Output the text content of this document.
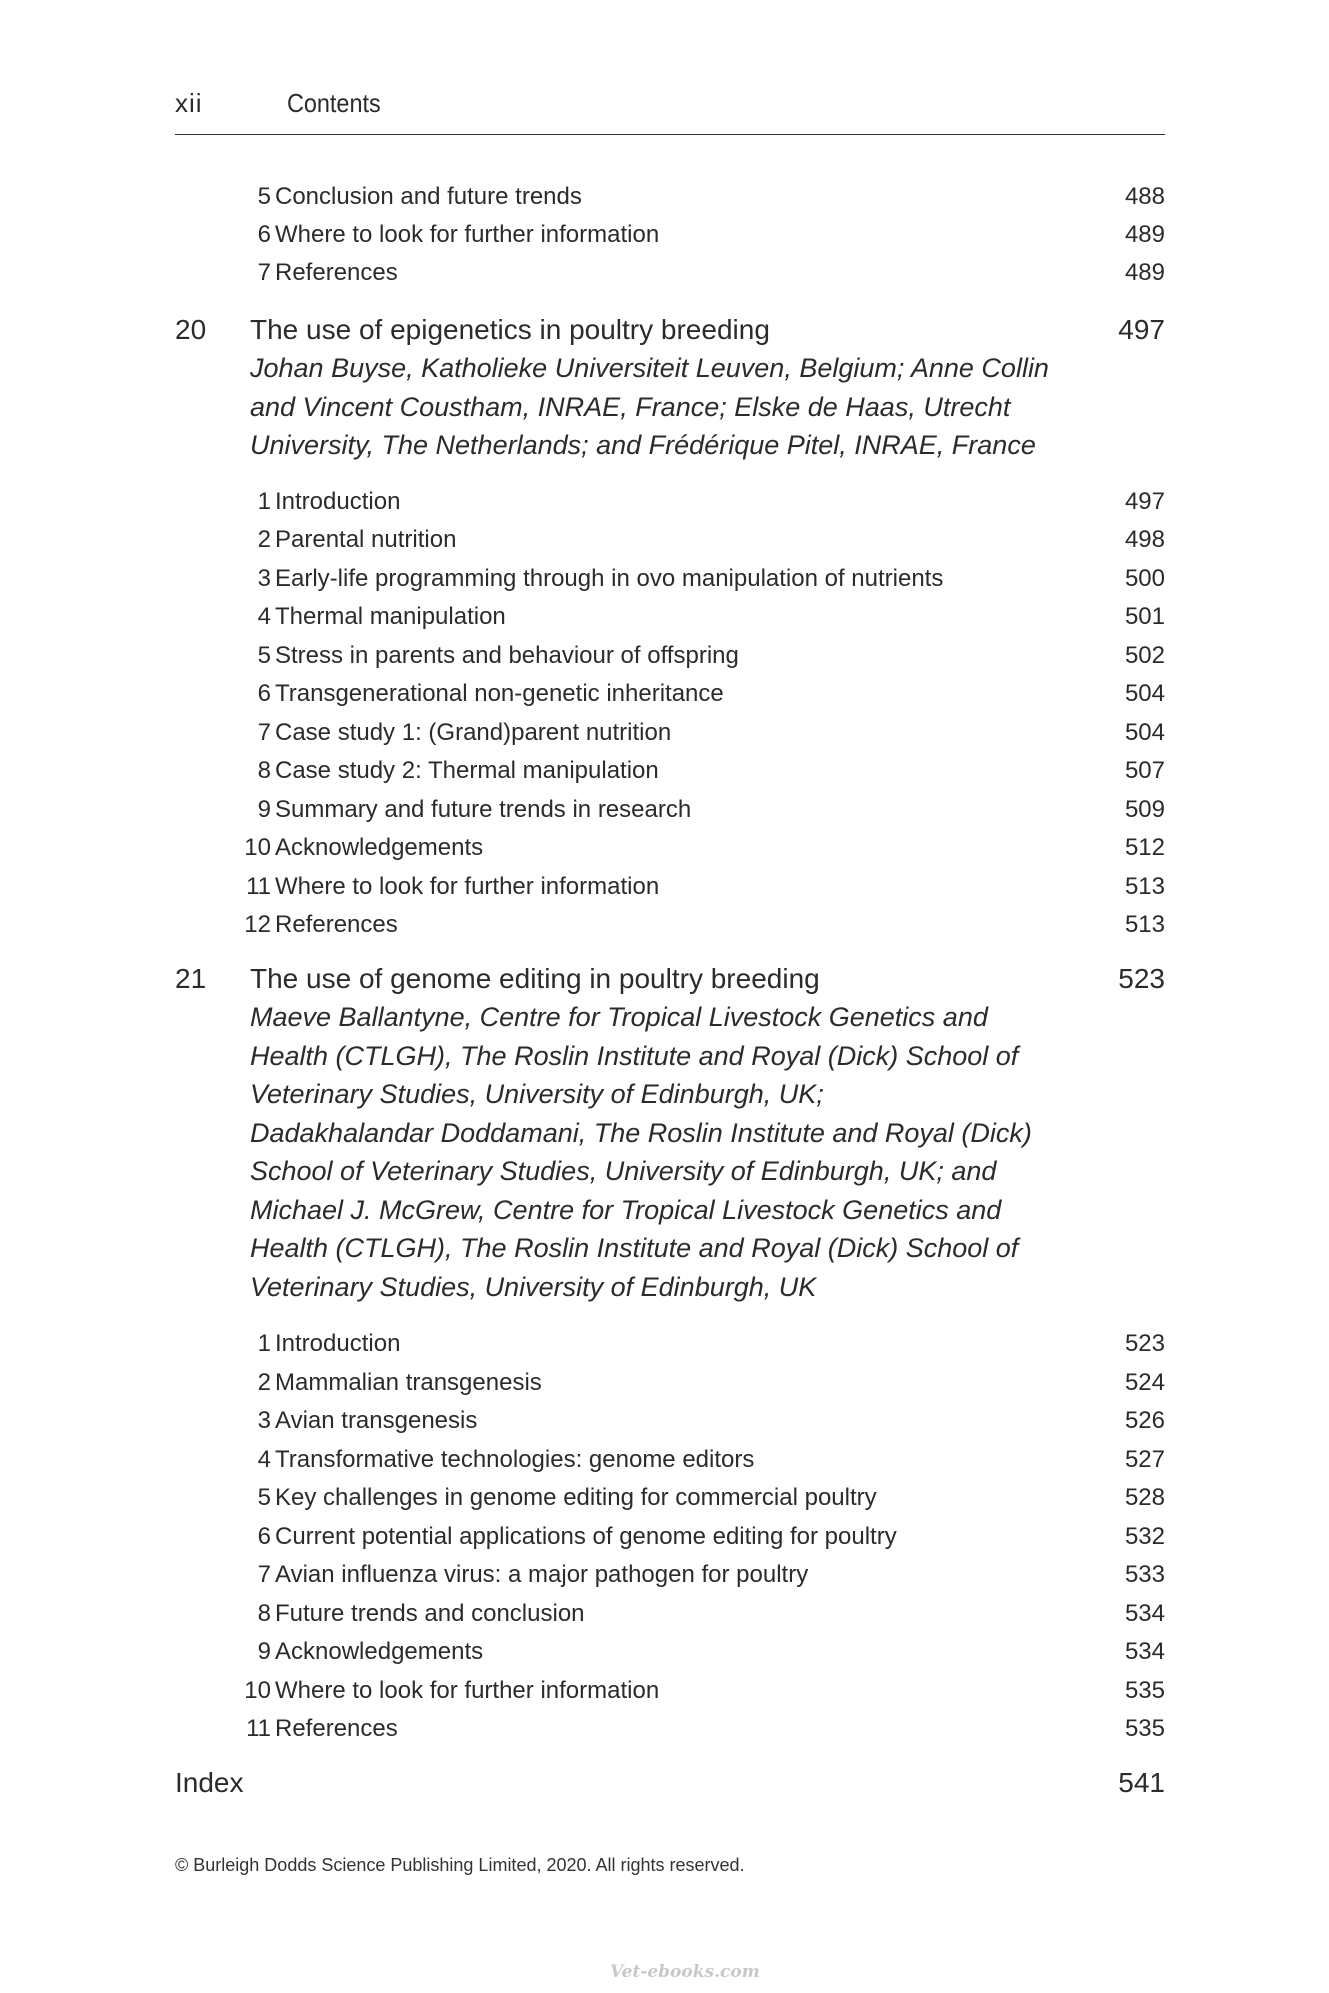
xii	Contents
5 Conclusion and future trends	488
6 Where to look for further information	489
7 References	489
20 The use of epigenetics in poultry breeding	497
Johan Buyse, Katholieke Universiteit Leuven, Belgium; Anne Collin
and Vincent Coustham, INRAE, France; Elske de Haas, Utrecht
University, The Netherlands; and Frédérique Pitel, INRAE, France
1 Introduction	497
2 Parental nutrition	498
3 Early-life programming through in ovo manipulation of nutrients	500
4 Thermal manipulation	501
5 Stress in parents and behaviour of offspring	502
6 Transgenerational non-genetic inheritance	504
7 Case study 1: (Grand)parent nutrition	504
8 Case study 2: Thermal manipulation	507
9 Summary and future trends in research	509
10 Acknowledgements	512
11 Where to look for further information	513
12 References	513
21 The use of genome editing in poultry breeding	523
Maeve Ballantyne, Centre for Tropical Livestock Genetics and
Health (CTLGH), The Roslin Institute and Royal (Dick) School of
Veterinary Studies, University of Edinburgh, UK;
Dadakhalandar Doddamani, The Roslin Institute and Royal (Dick)
School of Veterinary Studies, University of Edinburgh, UK; and
Michael J. McGrew, Centre for Tropical Livestock Genetics and
Health (CTLGH), The Roslin Institute and Royal (Dick) School of
Veterinary Studies, University of Edinburgh, UK
1 Introduction	523
2 Mammalian transgenesis	524
3 Avian transgenesis	526
4 Transformative technologies: genome editors	527
5 Key challenges in genome editing for commercial poultry	528
6 Current potential applications of genome editing for poultry	532
7 Avian influenza virus: a major pathogen for poultry	533
8 Future trends and conclusion	534
9 Acknowledgements	534
10 Where to look for further information	535
11 References	535
Index	541
© Burleigh Dodds Science Publishing Limited, 2020. All rights reserved.
Vet-ebooks.com
